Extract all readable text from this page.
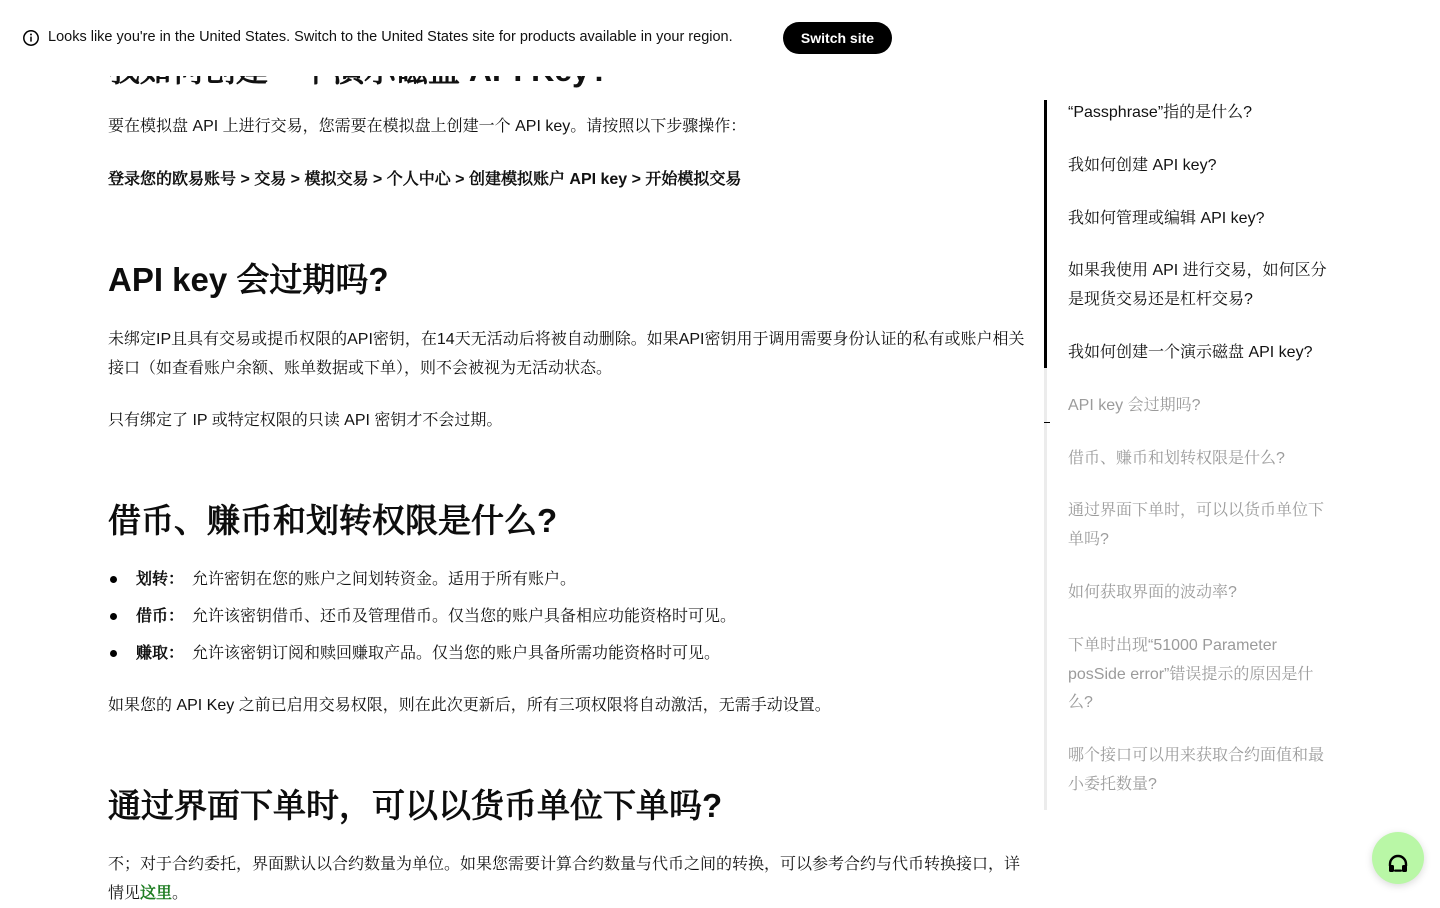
要在模拟盘 API 上进行交易，您需要在模拟盘上创建一个 API key。请按照以下步骤操作：

登录您的欧易账号 > 交易 > 模拟交易 > 个人中心 > 创建模拟账户 API key > 开始模拟交易

API key 会过期吗?

未绑定IP且具有交易或提币权限的API密钥，在14天无活动后将被自动删除。如果API密钥用于调用需要身份认证的私有或账户相关接口（如查看账户余额、账单数据或下单），则不会被视为无活动状态。

只有绑定了 IP 或特定权限的只读 API 密钥才不会过期。

借币、赚币和划转权限是什么?
划转： 允许密钥在您的账户之间划转资金。适用于所有账户。
借币： 允许该密钥借币、还币及管理借币。仅当您的账户具备相应功能资格时可见。
赚取： 允许该密钥订阅和赎回赚取产品。仅当您的账户具备所需功能资格时可见。

如果您的 API Key 之前已启用交易权限，则在此次更新后，所有三项权限将自动激活，无需手动设置。

通过界面下单时，可以以货币单位下单吗?

不；对于合约委托，界面默认以合约数量为单位。如果您需要计算合约数量与代币之间的转换，可以参考合约与代币转换接口，详情见这里。

“Passphrase”指的是什么?
我如何创建 API key?
我如何管理或编辑 API key?
如果我使用 API 进行交易，如何区分是现货交易还是杠杆交易?
我如何创建一个演示磁盘 API key?
API key 会过期吗?
借币、赚币和划转权限是什么?
通过界面下单时，可以以货币单位下单吗?
如何获取界面的波动率?
下单时出现“51000 Parameter posSide error”错误提示的原因是什么?
哪个接口可以用来获取合约面值和最小委托数量?
Looks like you're in the United States. Switch to the United States site for products available in your region.	Switch site
